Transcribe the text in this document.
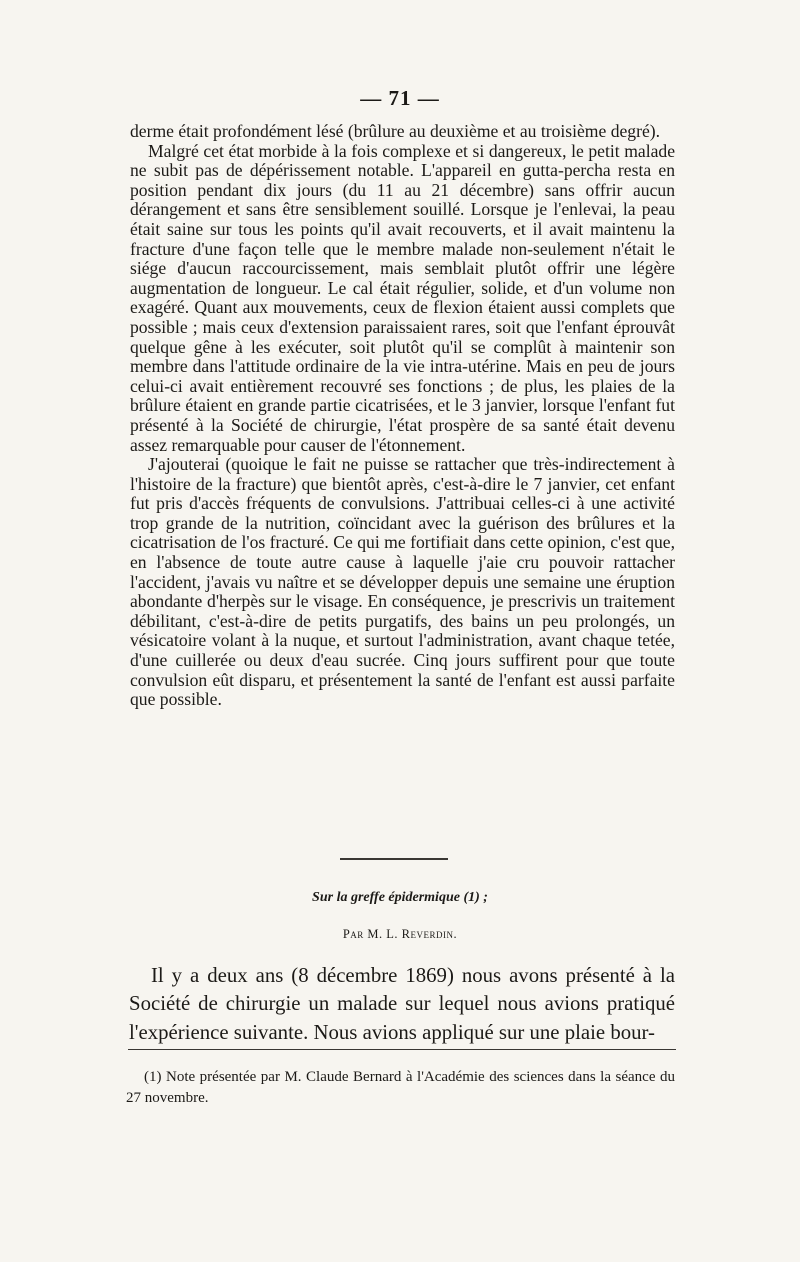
— 71 —

derme était profondément lésé (brûlure au deuxième et au troisième degré).

Malgré cet état morbide à la fois complexe et si dangereux, le petit malade ne subit pas de dépérissement notable. L'appareil en gutta-percha resta en position pendant dix jours (du 11 au 21 décembre) sans offrir aucun dérangement et sans être sensiblement souillé. Lorsque je l'enlevai, la peau était saine sur tous les points qu'il avait recouverts, et il avait maintenu la fracture d'une façon telle que le membre malade non-seulement n'était le siége d'aucun raccourcissement, mais semblait plutôt offrir une légère augmentation de longueur. Le cal était régulier, solide, et d'un volume non exagéré. Quant aux mouvements, ceux de flexion étaient aussi complets que possible ; mais ceux d'extension paraissaient rares, soit que l'enfant éprouvât quelque gêne à les exécuter, soit plutôt qu'il se complût à maintenir son membre dans l'attitude ordinaire de la vie intra-utérine. Mais en peu de jours celui-ci avait entièrement recouvré ses fonctions ; de plus, les plaies de la brûlure étaient en grande partie cicatrisées, et le 3 janvier, lorsque l'enfant fut présenté à la Société de chirurgie, l'état prospère de sa santé était devenu assez remarquable pour causer de l'étonnement.

J'ajouterai (quoique le fait ne puisse se rattacher que très-indirectement à l'histoire de la fracture) que bientôt après, c'est-à-dire le 7 janvier, cet enfant fut pris d'accès fréquents de convulsions. J'attribuai celles-ci à une activité trop grande de la nutrition, coïncidant avec la guérison des brûlures et la cicatrisation de l'os fracturé. Ce qui me fortifiait dans cette opinion, c'est que, en l'absence de toute autre cause à laquelle j'aie cru pouvoir rattacher l'accident, j'avais vu naître et se développer depuis une semaine une éruption abondante d'herpès sur le visage. En conséquence, je prescrivis un traitement débilitant, c'est-à-dire de petits purgatifs, des bains un peu prolongés, un vésicatoire volant à la nuque, et surtout l'administration, avant chaque tetée, d'une cuillerée ou deux d'eau sucrée. Cinq jours suffirent pour que toute convulsion eût disparu, et présentement la santé de l'enfant est aussi parfaite que possible.

Sur la greffe épidermique (1) ;
Par M. L. Reverdin.

Il y a deux ans (8 décembre 1869) nous avons présenté à la Société de chirurgie un malade sur lequel nous avions pratiqué l'expérience suivante. Nous avions appliqué sur une plaie bour-

(1) Note présentée par M. Claude Bernard à l'Académie des sciences dans la séance du 27 novembre.
